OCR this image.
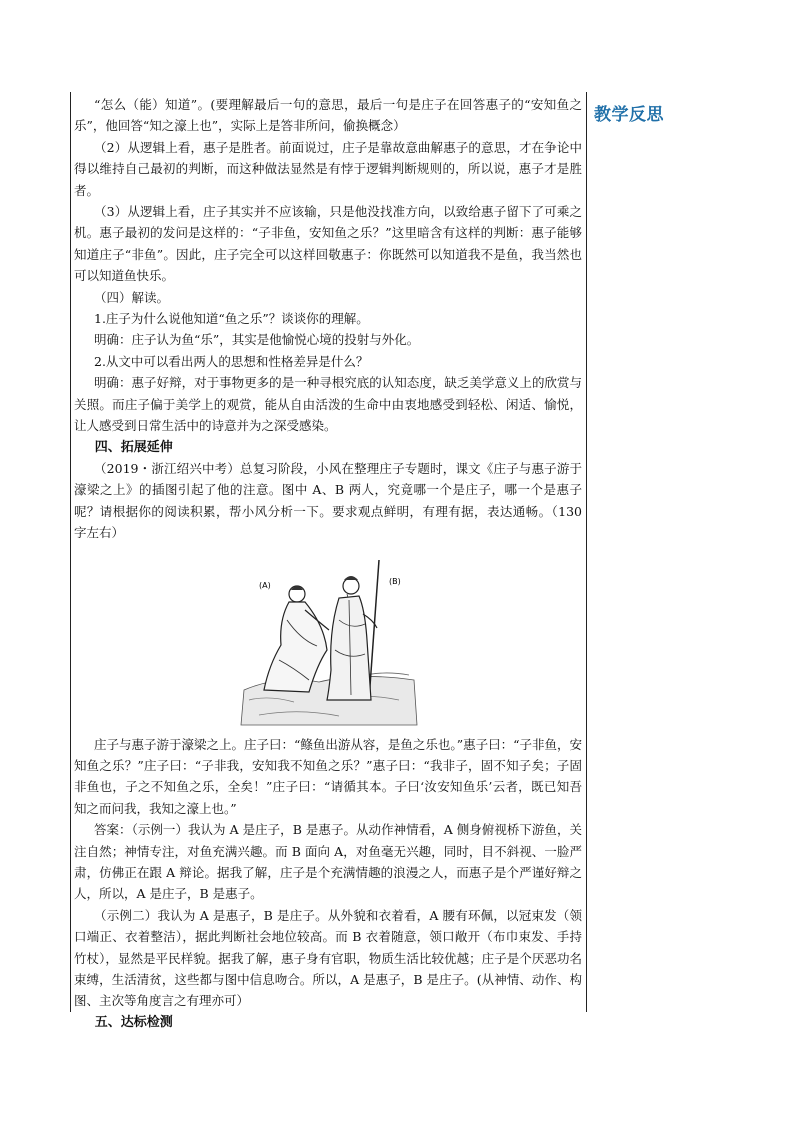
教学反思

“怎么（能）知道”。(要理解最后一句的意思，最后一句是庄子在回答惠子的“安知鱼之乐”，他回答“知之濠上也”，实际上是答非所问，偷换概念）

（2）从逻辑上看，惠子是胜者。前面说过，庄子是靠故意曲解惠子的意思，才在争论中得以维持自己最初的判断，而这种做法显然是有悖于逻辑判断规则的，所以说，惠子才是胜者。

（3）从逻辑上看，庄子其实并不应该输，只是他没找准方向，以致给惠子留下了可乘之机。惠子最初的发问是这样的：“子非鱼，安知鱼之乐？”这里暗含有这样的判断：惠子能够知道庄子“非鱼”。因此，庄子完全可以这样回敬惠子：你既然可以知道我不是鱼，我当然也可以知道鱼快乐。

（四）解读。

1.庄子为什么说他知道“鱼之乐”？谈谈你的理解。

明确：庄子认为鱼“乐”，其实是他愉悦心境的投射与外化。

2.从文中可以看出两人的思想和性格差异是什么？

明确：惠子好辩，对于事物更多的是一种寻根究底的认知态度，缺乏美学意义上的欣赏与关照。而庄子偏于美学上的观赏，能从自由活泼的生命中由衷地感受到轻松、闲适、愉悦，让人感受到日常生活中的诗意并为之深受感染。

四、拓展延伸

（2019・浙江绍兴中考）总复习阶段，小风在整理庄子专题时，课文《庄子与惠子游于濠梁之上》的插图引起了他的注意。图中 A、B 两人，究竟哪一个是庄子，哪一个是惠子呢？请根据你的阅读积累，帮小风分析一下。要求观点鲜明，有理有据，表达通畅。（130 字左右）

(A)	(B)

庄子与惠子游于濠梁之上。庄子曰：“鲦鱼出游从容，是鱼之乐也。”惠子曰：“子非鱼，安知鱼之乐？”庄子曰：“子非我，安知我不知鱼之乐？”惠子曰：“我非子，固不知子矣；子固非鱼也，子之不知鱼之乐，全矣！”庄子曰：“请循其本。子曰‘汝安知鱼乐’云者，既已知吾知之而问我，我知之濠上也。”

答案：（示例一）我认为 A 是庄子，B 是惠子。从动作神情看，A 侧身俯视桥下游鱼，关注自然；神情专注，对鱼充满兴趣。而 B 面向 A，对鱼毫无兴趣，同时，目不斜视、一脸严肃，仿佛正在跟 A 辩论。据我了解，庄子是个充满情趣的浪漫之人，而惠子是个严谨好辩之人，所以，A 是庄子，B 是惠子。

（示例二）我认为 A 是惠子，B 是庄子。从外貌和衣着看，A 腰有环佩，以冠束发（领口端正、衣着整洁），据此判断社会地位较高。而 B 衣着随意，领口敞开（布巾束发、手持竹杖），显然是平民样貌。据我了解，惠子身有官职，物质生活比较优越；庄子是个厌恶功名束缚，生活清贫，这些都与图中信息吻合。所以，A 是惠子，B 是庄子。(从神情、动作、构图、主次等角度言之有理亦可）

五、达标检测
